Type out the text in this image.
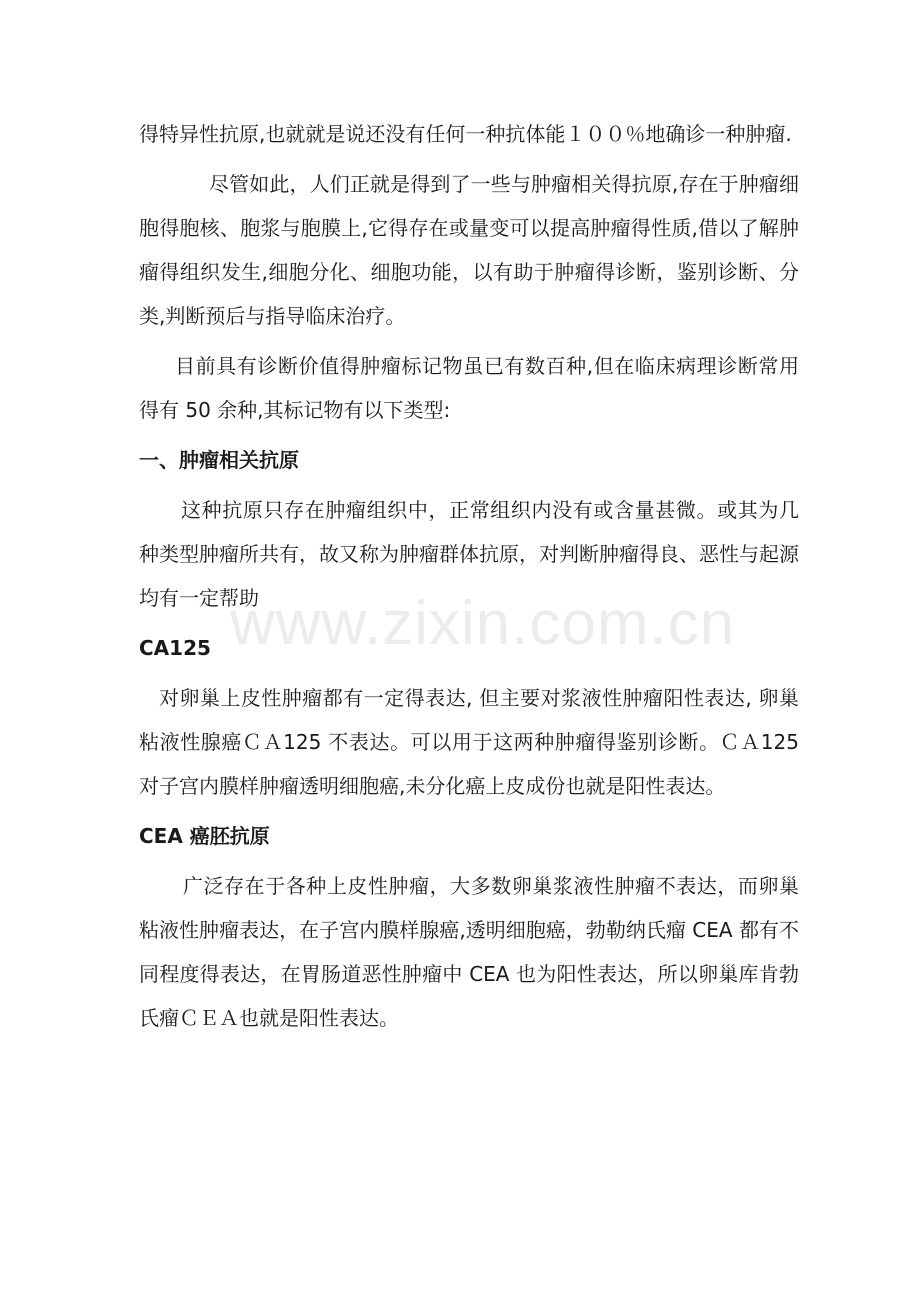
得特异性抗原,也就就是说还没有任何一种抗体能１００％地确诊一种肿瘤.

尽管如此，人们正就是得到了一些与肿瘤相关得抗原,存在于肿瘤细胞得胞核、胞浆与胞膜上,它得存在或量变可以提高肿瘤得性质,借以了解肿瘤得组织发生,细胞分化、细胞功能，以有助于肿瘤得诊断，鉴别诊断、分类,判断预后与指导临床治疗。

目前具有诊断价值得肿瘤标记物虽已有数百种,但在临床病理诊断常用得有 50 余种,其标记物有以下类型:

一、肿瘤相关抗原

这种抗原只存在肿瘤组织中，正常组织内没有或含量甚微。或其为几种类型肿瘤所共有，故又称为肿瘤群体抗原，对判断肿瘤得良、恶性与起源均有一定帮助

CA125

对卵巢上皮性肿瘤都有一定得表达, 但主要对浆液性肿瘤阳性表达, 卵巢粘液性腺癌ＣＡ125 不表达。可以用于这两种肿瘤得鉴别诊断。ＣＡ125 对子宫内膜样肿瘤透明细胞癌,未分化癌上皮成份也就是阳性表达。

CEA 癌胚抗原

广泛存在于各种上皮性肿瘤，大多数卵巢浆液性肿瘤不表达，而卵巢粘液性肿瘤表达，在子宫内膜样腺癌,透明细胞癌，勃勒纳氏瘤 CEA 都有不同程度得表达，在胃肠道恶性肿瘤中 CEA 也为阳性表达，所以卵巢库肯勃氏瘤ＣＥＡ也就是阳性表达。

www.zixin.com.cn
